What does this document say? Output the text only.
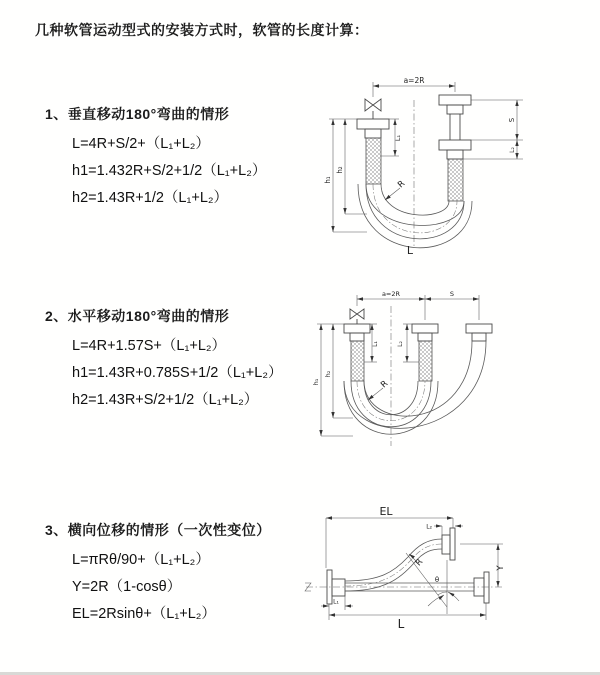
几种软管运动型式的安装方式时，软管的长度计算：
1、垂直移动180°弯曲的情形
L=4R+S/2+（L₁+L₂）
h1=1.432R+S/2+1/2（L₁+L₂）
h2=1.43R+1/2（L₁+L₂）
2、水平移动180°弯曲的情形
L=4R+1.57S+（L₁+L₂）
h1=1.43R+0.785S+1/2（L₁+L₂）
h2=1.43R+S/2+1/2（L₁+L₂）
3、横向位移的情形（一次性变位）
L=πRθ/90+（L₁+L₂）
Y=2R（1-cosθ）
EL=2Rsinθ+（L₁+L₂）
a=2R
h₁
h₂
L₁
S
L₂
R
L
a=2R	S
h₁
h₂
L₁	L₂
R
θ
R
EL
L₂
Y
L
L₁
